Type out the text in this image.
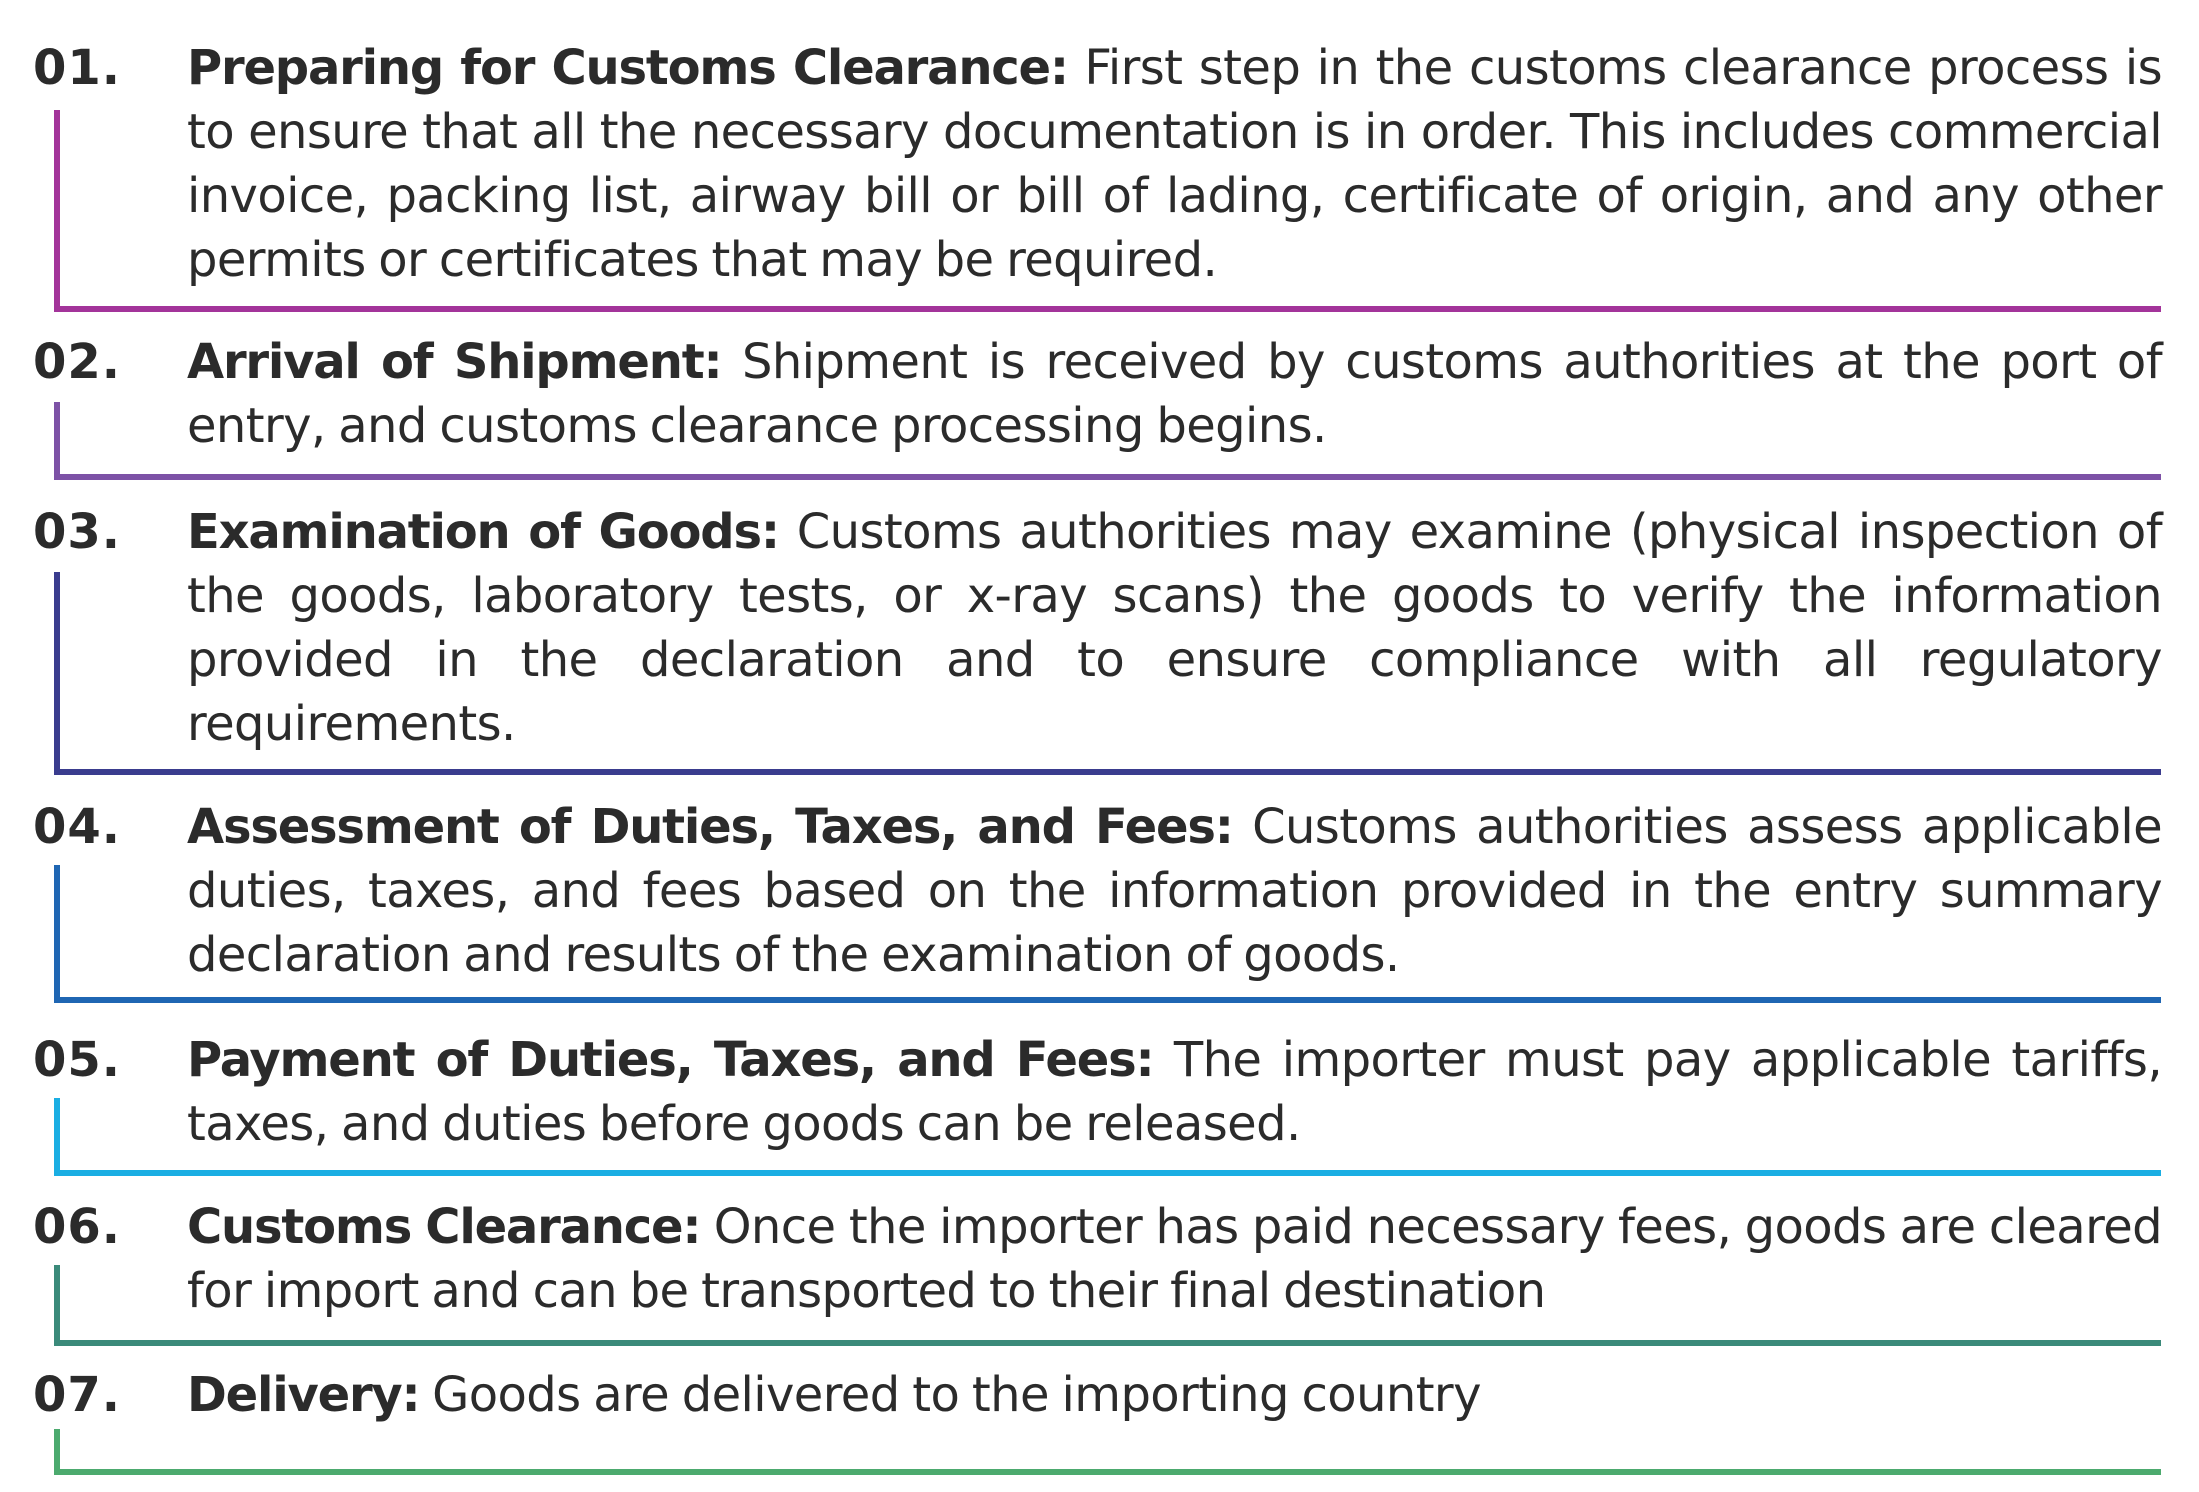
01. Preparing for Customs Clearance: First step in the customs clearance process is to ensure that all the necessary documentation is in order. This includes commercial invoice, packing list, airway bill or bill of lading, certificate of origin, and any other permits or certificates that may be required.

02. Arrival of Shipment: Shipment is received by customs authorities at the port of entry, and customs clearance processing begins.

03. Examination of Goods: Customs authorities may examine (physical inspection of the goods, laboratory tests, or x-ray scans) the goods to verify the information provided in the declaration and to ensure compliance with all regulatory requirements.

04. Assessment of Duties, Taxes, and Fees: Customs authorities assess applicable duties, taxes, and fees based on the information provided in the entry summary declaration and results of the examination of goods.

05. Payment of Duties, Taxes, and Fees: The importer must pay applicable tariffs, taxes, and duties before goods can be released.

06. Customs Clearance: Once the importer has paid necessary fees, goods are cleared for import and can be transported to their final destination

07. Delivery: Goods are delivered to the importing country
